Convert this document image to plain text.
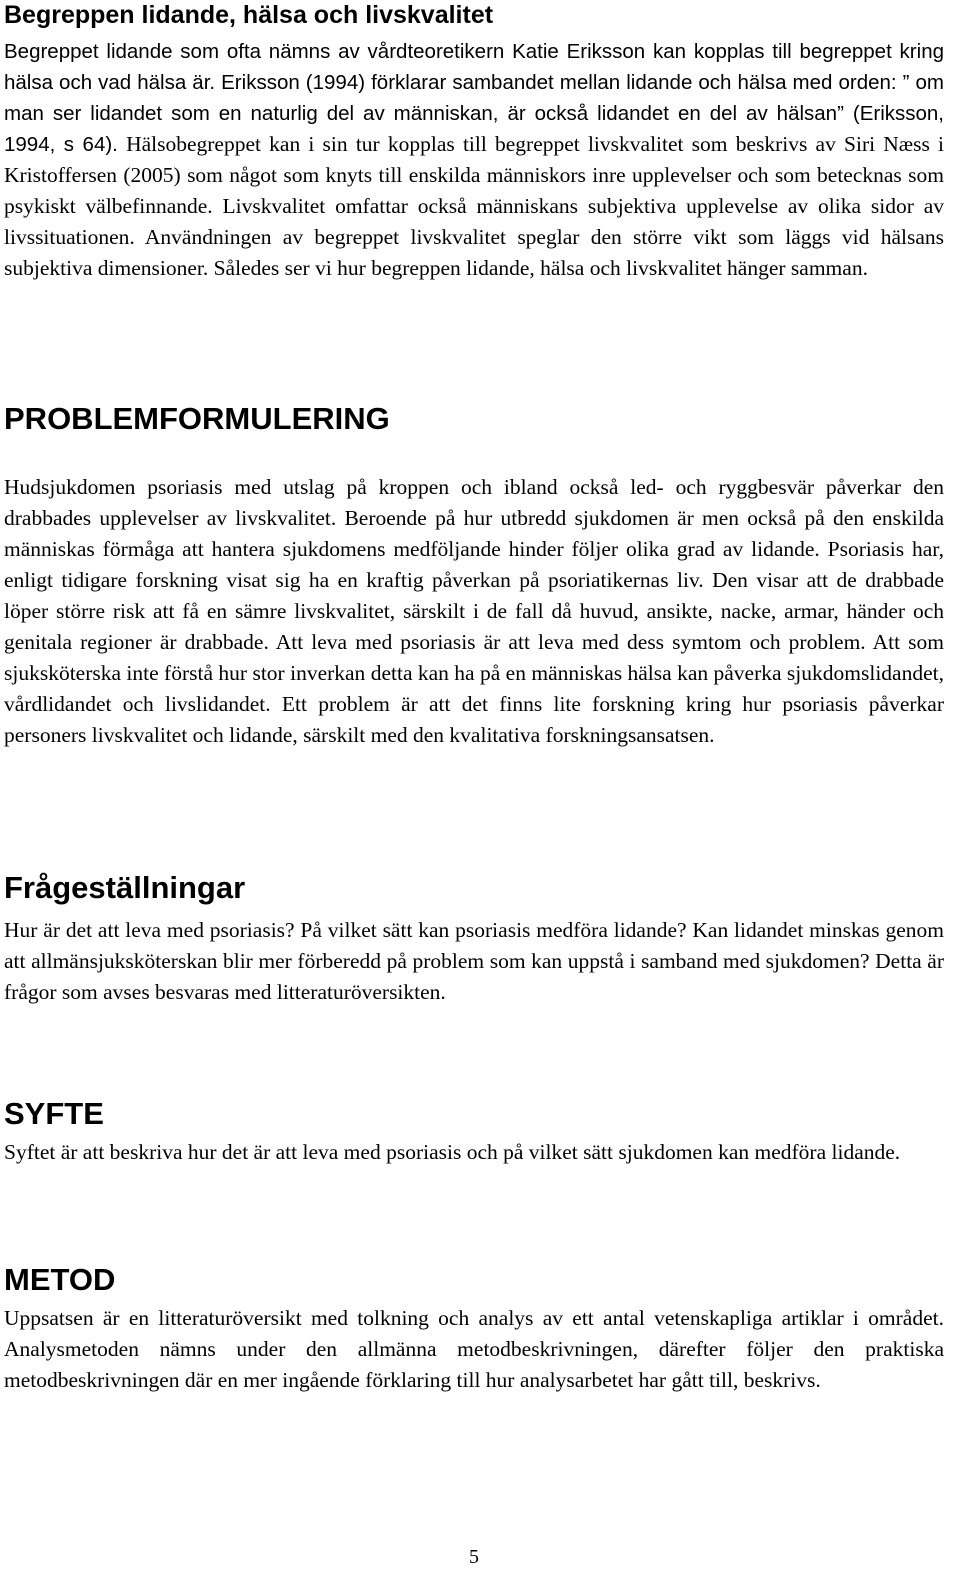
Begreppen lidande, hälsa och livskvalitet

Begreppet lidande som ofta nämns av vårdteoretikern Katie Eriksson kan kopplas till begreppet kring hälsa och vad hälsa är. Eriksson (1994) förklarar sambandet mellan lidande och hälsa med orden: ” om man ser lidandet som en naturlig del av människan, är också lidandet en del av hälsan” (Eriksson, 1994, s 64). Hälsobegreppet kan i sin tur kopplas till begreppet livskvalitet som beskrivs av Siri Næss i Kristoffersen (2005) som något som knyts till enskilda människors inre upplevelser och som betecknas som psykiskt välbefinnande. Livskvalitet omfattar också människans subjektiva upplevelse av olika sidor av livssituationen. Användningen av begreppet livskvalitet speglar den större vikt som läggs vid hälsans subjektiva dimensioner. Således ser vi hur begreppen lidande, hälsa och livskvalitet hänger samman.

PROBLEMFORMULERING

Hudsjukdomen psoriasis med utslag på kroppen och ibland också led- och ryggbesvär påverkar den drabbades upplevelser av livskvalitet. Beroende på hur utbredd sjukdomen är men också på den enskilda människas förmåga att hantera sjukdomens medföljande hinder följer olika grad av lidande. Psoriasis har, enligt tidigare forskning visat sig ha en kraftig påverkan på psoriatikernas liv. Den visar att de drabbade löper större risk att få en sämre livskvalitet, särskilt i de fall då huvud, ansikte, nacke, armar, händer och genitala regioner är drabbade. Att leva med psoriasis är att leva med dess symtom och problem. Att som sjuksköterska inte förstå hur stor inverkan detta kan ha på en människas hälsa kan påverka sjukdomslidandet, vårdlidandet och livslidandet. Ett problem är att det finns lite forskning kring hur psoriasis påverkar personers livskvalitet och lidande, särskilt med den kvalitativa forskningsansatsen.

Frågeställningar

Hur är det att leva med psoriasis? På vilket sätt kan psoriasis medföra lidande? Kan lidandet minskas genom att allmänsjuksköterskan blir mer förberedd på problem som kan uppstå i samband med sjukdomen? Detta är frågor som avses besvaras med litteraturöversikten.

SYFTE

Syftet är att beskriva hur det är att leva med psoriasis och på vilket sätt sjukdomen kan medföra lidande.

METOD

Uppsatsen är en litteraturöversikt med tolkning och analys av ett antal vetenskapliga artiklar i området. Analysmetoden nämns under den allmänna metodbeskrivningen, därefter följer den praktiska metodbeskrivningen där en mer ingående förklaring till hur analysarbetet har gått till, beskrivs.

5
